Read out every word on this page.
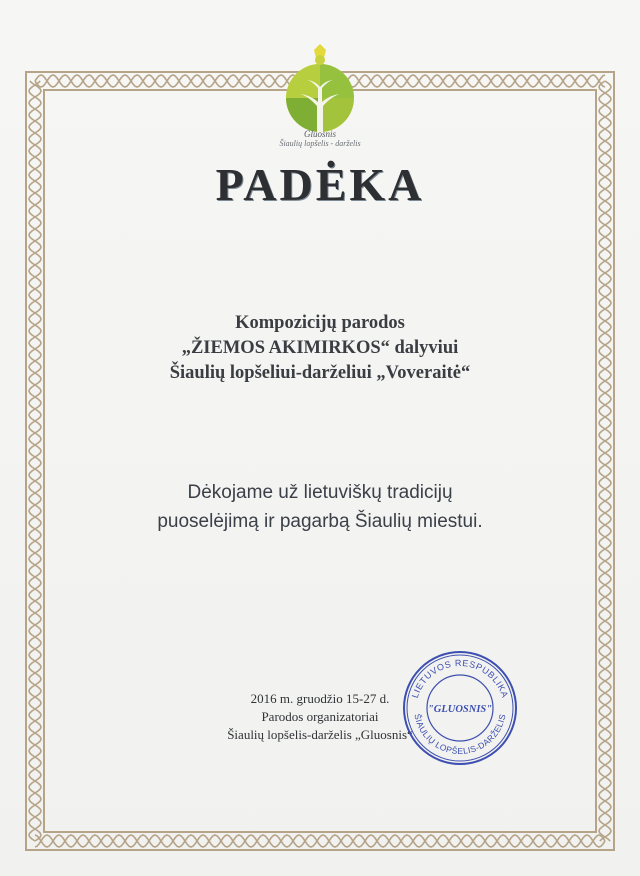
Gluosnis
Šiaulių lopšelis - darželis
PADĖKA
Kompozicijų parodos
„ŽIEMOS AKIMIRKOS“ dalyviui
Šiaulių lopšeliui-darželiui „Voveraitė“
Dėkojame už lietuviškų tradicijų
puoselėjimą ir pagarbą Šiaulių miestui.
2016 m. gruodžio 15-27 d.
Parodos organizatoriai
Šiaulių lopšelis-darželis „Gluosnis“
LIETUVOS RESPUBLIKA
ŠIAULIŲ LOPŠELIS-DARŽELIS
"GLUOSNIS"
